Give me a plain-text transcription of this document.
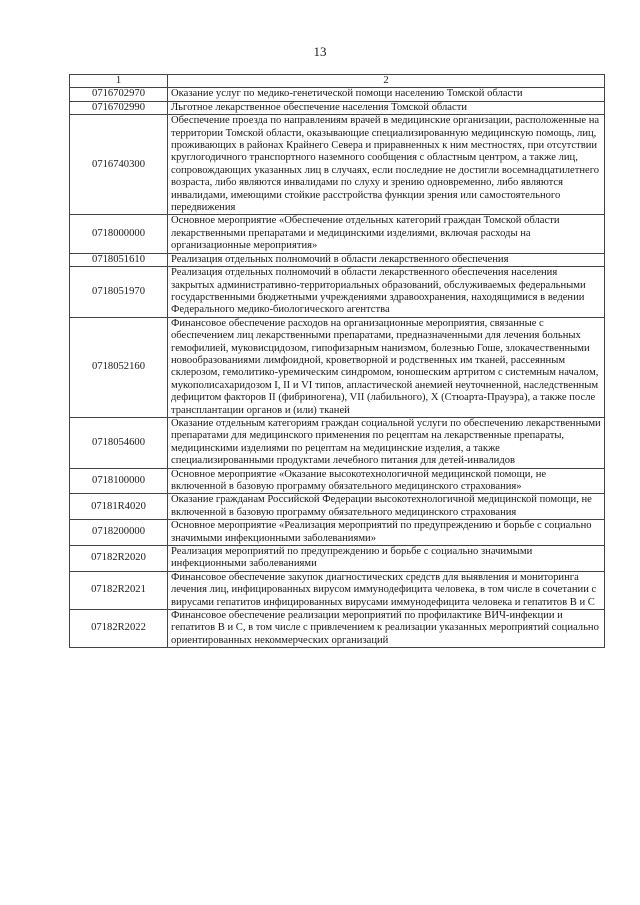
13
1	2
0716702970	Оказание услуг по медико-генетической помощи населению Томской области
0716702990	Льготное лекарственное обеспечение населения Томской области
0716740300	Обеспечение проезда по направлениям врачей в медицинские организации, расположенные на территории Томской области, оказывающие специализированную медицинскую помощь, лиц, проживающих в районах Крайнего Севера и приравненных к ним местностях, при отсутствии круглогодичного транспортного наземного сообщения с областным центром, а также лиц, сопровождающих указанных лиц в случаях, если последние не достигли восемнадцатилетнего возраста, либо являются инвалидами по слуху и зрению одновременно, либо являются инвалидами, имеющими стойкие расстройства функции зрения или самостоятельного передвижения
0718000000	Основное мероприятие «Обеспечение отдельных категорий граждан Томской области лекарственными препаратами и медицинскими изделиями, включая расходы на организационные мероприятия»
0718051610	Реализация отдельных полномочий в области лекарственного обеспечения
0718051970	Реализация отдельных полномочий в области лекарственного обеспечения населения закрытых административно-территориальных образований, обслуживаемых федеральными государственными бюджетными учреждениями здравоохранения, находящимися в ведении Федерального медико-биологического агентства
0718052160	Финансовое обеспечение расходов на организационные мероприятия, связанные с обеспечением лиц лекарственными препаратами, предназначенными для лечения больных гемофилией, муковисцидозом, гипофизарным нанизмом, болезнью Гоше, злокачественными новообразованиями лимфоидной, кроветворной и родственных им тканей, рассеянным склерозом, гемолитико-уремическим синдромом, юношеским артритом с системным началом, мукополисахаридозом I, II и VI типов, апластической анемией неуточненной, наследственным дефицитом факторов II (фибриногена), VII (лабильного), X (Стюарта-Прауэра), а также после трансплантации органов и (или) тканей
0718054600	Оказание отдельным категориям граждан социальной услуги по обеспечению лекарственными препаратами для медицинского применения по рецептам на лекарственные препараты, медицинскими изделиями по рецептам на медицинские изделия, а также специализированными продуктами лечебного питания для детей-инвалидов
0718100000	Основное мероприятие «Оказание высокотехнологичной медицинской помощи, не включенной в базовую программу обязательного медицинского страхования»
07181R4020	Оказание гражданам Российской Федерации высокотехнологичной медицинской помощи, не включенной в базовую программу обязательного медицинского страхования
0718200000	Основное мероприятие «Реализация мероприятий по предупреждению и борьбе с социально значимыми инфекционными заболеваниями»
07182R2020	Реализация мероприятий по предупреждению и борьбе с социально значимыми инфекционными заболеваниями
07182R2021	Финансовое обеспечение закупок диагностических средств для выявления и мониторинга лечения лиц, инфицированных вирусом иммунодефицита человека, в том числе в сочетании с вирусами гепатитов инфицированных вирусами иммунодефицита человека и гепатитов В и С
07182R2022	Финансовое обеспечение реализации мероприятий по профилактике ВИЧ-инфекции и гепатитов В и С, в том числе с привлечением к реализации указанных мероприятий социально ориентированных некоммерческих организаций
